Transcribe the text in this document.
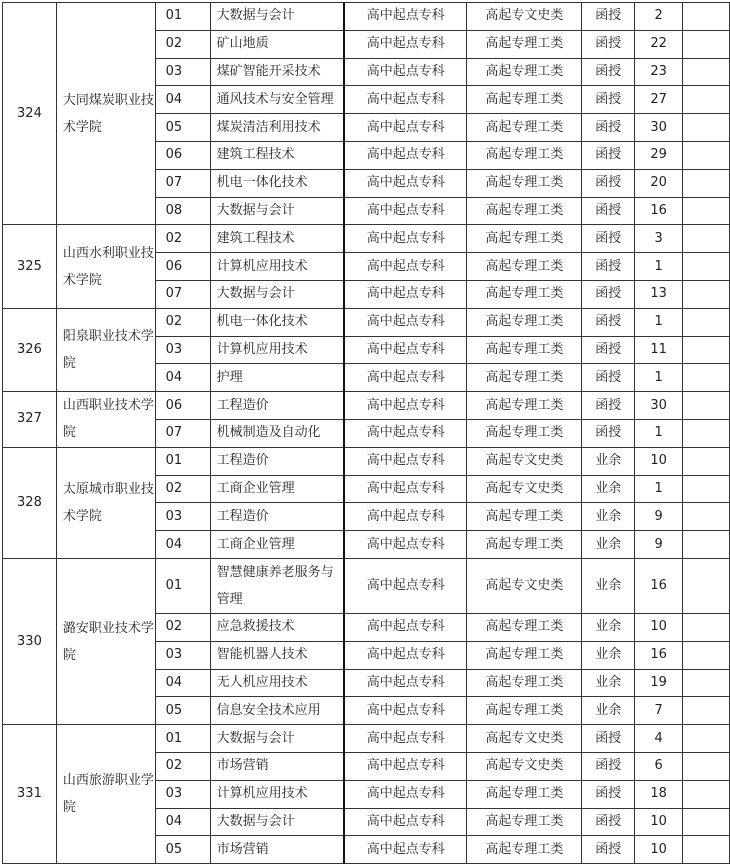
324	大同煤炭职业技术学院	01	大数据与会计	高中起点专科	高起专文史类	函授	2	
		02	矿山地质	高中起点专科	高起专理工类	函授	22	
		03	煤矿智能开采技术	高中起点专科	高起专理工类	函授	23	
		04	通风技术与安全管理	高中起点专科	高起专理工类	函授	27	
		05	煤炭清洁利用技术	高中起点专科	高起专理工类	函授	30	
		06	建筑工程技术	高中起点专科	高起专理工类	函授	29	
		07	机电一体化技术	高中起点专科	高起专理工类	函授	20	
		08	大数据与会计	高中起点专科	高起专理工类	函授	16	
325	山西水利职业技术学院	02	建筑工程技术	高中起点专科	高起专理工类	函授	3	
		06	计算机应用技术	高中起点专科	高起专理工类	函授	1	
		07	大数据与会计	高中起点专科	高起专理工类	函授	13	
326	阳泉职业技术学院	02	机电一体化技术	高中起点专科	高起专理工类	函授	1	
		03	计算机应用技术	高中起点专科	高起专理工类	函授	11	
		04	护理	高中起点专科	高起专理工类	函授	1	
327	山西职业技术学院	06	工程造价	高中起点专科	高起专理工类	函授	30	
		07	机械制造及自动化	高中起点专科	高起专理工类	函授	1	
328	太原城市职业技术学院	01	工程造价	高中起点专科	高起专文史类	业余	10	
		02	工商企业管理	高中起点专科	高起专文史类	业余	1	
		03	工程造价	高中起点专科	高起专理工类	业余	9	
		04	工商企业管理	高中起点专科	高起专理工类	业余	9	
330	潞安职业技术学院	01	智慧健康养老服务与管理	高中起点专科	高起专文史类	业余	16	
		02	应急救援技术	高中起点专科	高起专理工类	业余	10	
		03	智能机器人技术	高中起点专科	高起专理工类	业余	16	
		04	无人机应用技术	高中起点专科	高起专理工类	业余	19	
		05	信息安全技术应用	高中起点专科	高起专理工类	业余	7	
331	山西旅游职业学院	01	大数据与会计	高中起点专科	高起专文史类	函授	4	
		02	市场营销	高中起点专科	高起专文史类	函授	6	
		03	计算机应用技术	高中起点专科	高起专理工类	函授	18	
		04	大数据与会计	高中起点专科	高起专理工类	函授	10	
		05	市场营销	高中起点专科	高起专理工类	函授	10	
